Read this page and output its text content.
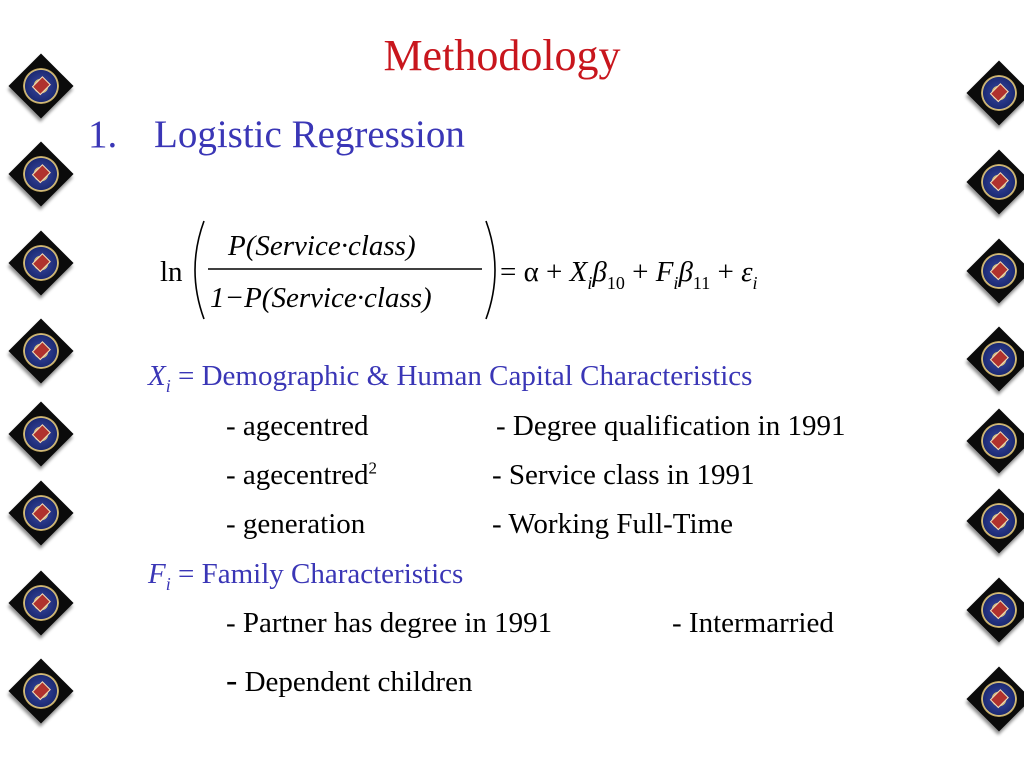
Methodology
1. Logistic Regression
ln
P(Service·class)
1−P(Service·class)
= $\alpha + X_i\beta_{10} + F_i\beta_{11} + \varepsilon_i$
$X_i$ = Demographic & Human Capital Characteristics
- agecentred	- Degree qualification in 1991
- agecentred$^2$	- Service class in 1991
- generation	- Working Full-Time
$F_i$ = Family Characteristics
- Partner has degree in 1991	- Intermarried
- Dependent children
